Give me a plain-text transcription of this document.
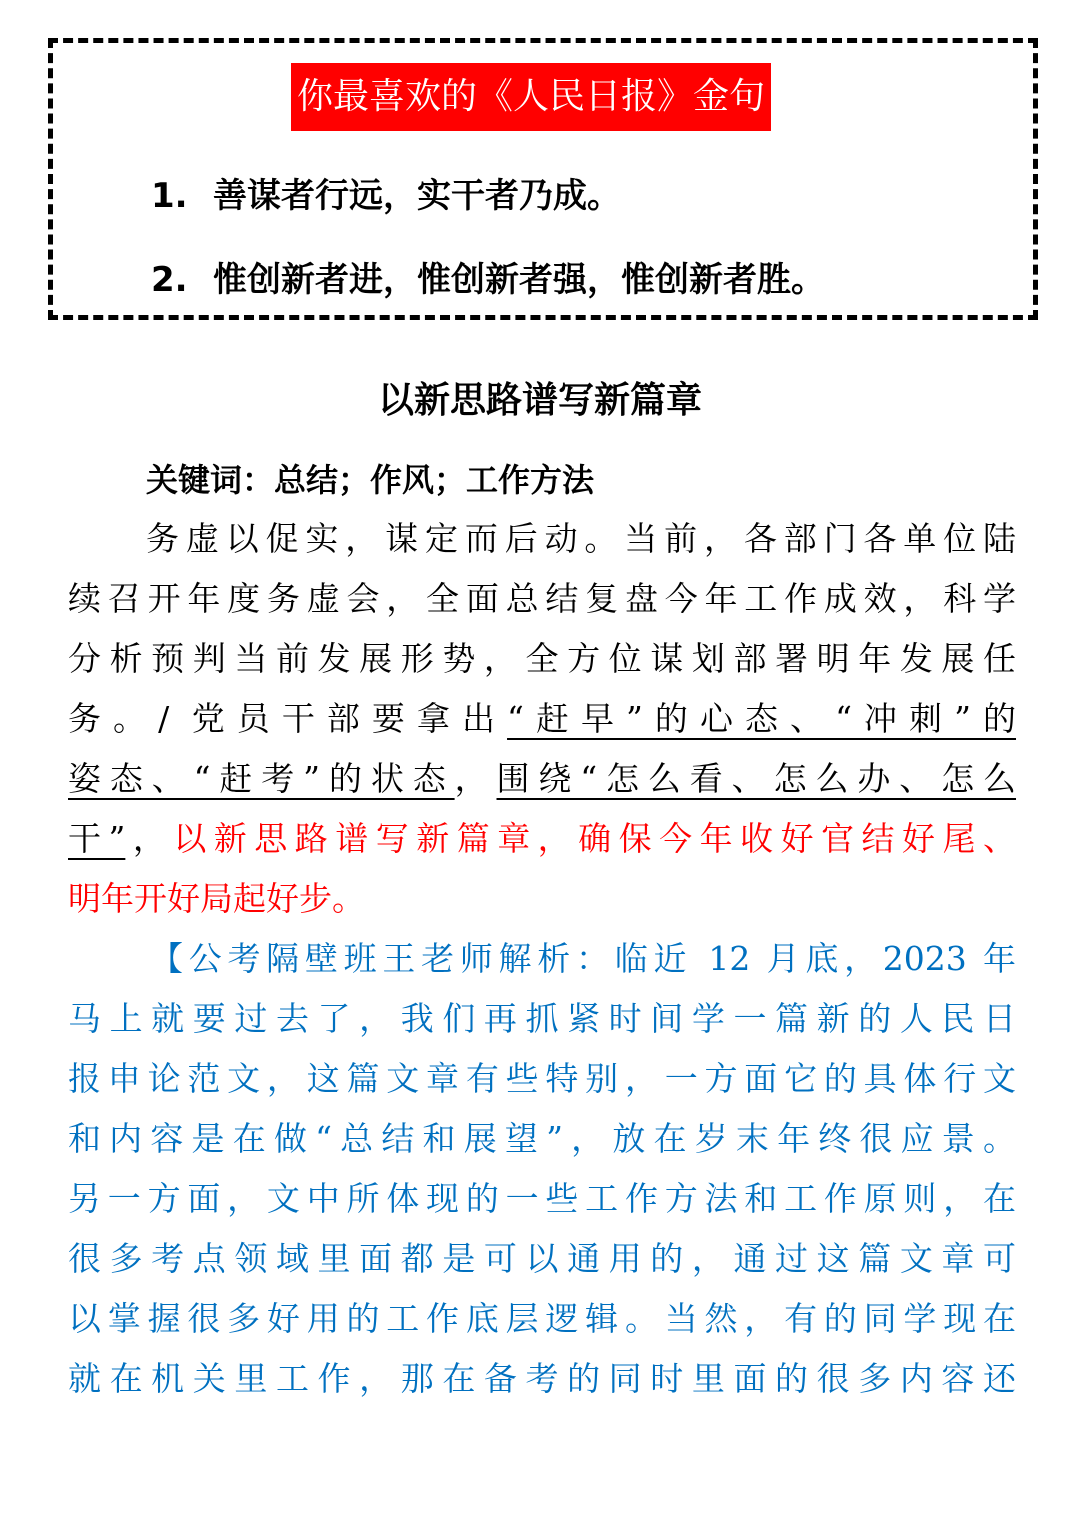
你最喜欢的《人民日报》金句
1. 善谋者行远，实干者乃成。
2. 惟创新者进，惟创新者强，惟创新者胜。
以新思路谱写新篇章
关键词：总结；作风；工作方法
务虚以促实，谋定而后动。当前，各部门各单位陆
续召开年度务虚会，全面总结复盘今年工作成效，科学
分析预判当前发展形势，全方位谋划部署明年发展任
务。/ 党员干部要拿出“赶早”的心态、“冲刺”的
姿态、“赶考”的状态，围绕“怎么看、怎么办、怎么
干”，以新思路谱写新篇章，确保今年收好官结好尾、
明年开好局起好步。
【公考隔壁班王老师解析：临近 12 月底，2023 年
马上就要过去了，我们再抓紧时间学一篇新的人民日
报申论范文，这篇文章有些特别，一方面它的具体行文
和内容是在做“总结和展望”，放在岁末年终很应景。
另一方面，文中所体现的一些工作方法和工作原则，在
很多考点领域里面都是可以通用的，通过这篇文章可
以掌握很多好用的工作底层逻辑。当然，有的同学现在
就在机关里工作，那在备考的同时里面的很多内容还
